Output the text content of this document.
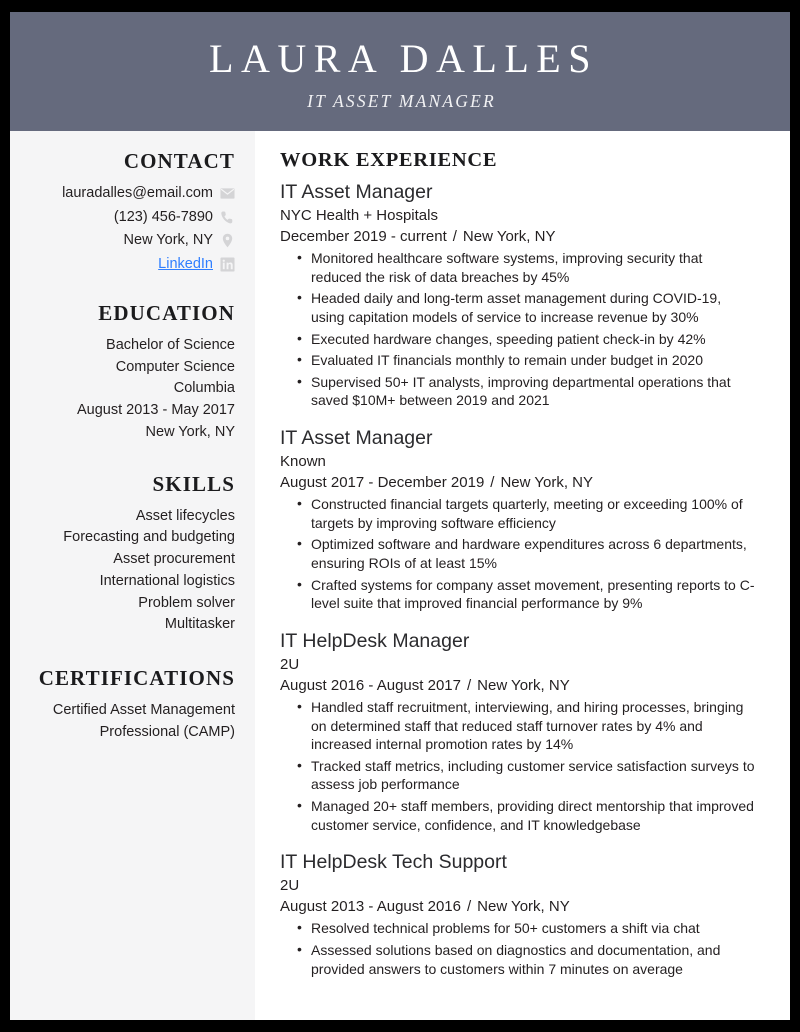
LAURA DALLES
IT ASSET MANAGER
CONTACT
lauradalles@email.com
(123) 456-7890
New York, NY
LinkedIn
EDUCATION
Bachelor of Science
Computer Science
Columbia
August 2013 - May 2017
New York, NY
SKILLS
Asset lifecycles
Forecasting and budgeting
Asset procurement
International logistics
Problem solver
Multitasker
CERTIFICATIONS
Certified Asset Management
Professional (CAMP)
WORK EXPERIENCE
IT Asset Manager
NYC Health + Hospitals
December 2019 - current / New York, NY
• Monitored healthcare software systems, improving security that reduced the risk of data breaches by 45%
• Headed daily and long-term asset management during COVID-19, using capitation models of service to increase revenue by 30%
• Executed hardware changes, speeding patient check-in by 42%
• Evaluated IT financials monthly to remain under budget in 2020
• Supervised 50+ IT analysts, improving departmental operations that saved $10M+ between 2019 and 2021
IT Asset Manager
Known
August 2017 - December 2019 / New York, NY
• Constructed financial targets quarterly, meeting or exceeding 100% of targets by improving software efficiency
• Optimized software and hardware expenditures across 6 departments, ensuring ROIs of at least 15%
• Crafted systems for company asset movement, presenting reports to C-level suite that improved financial performance by 9%
IT HelpDesk Manager
2U
August 2016 - August 2017 / New York, NY
• Handled staff recruitment, interviewing, and hiring processes, bringing on determined staff that reduced staff turnover rates by 4% and increased internal promotion rates by 14%
• Tracked staff metrics, including customer service satisfaction surveys to assess job performance
• Managed 20+ staff members, providing direct mentorship that improved customer service, confidence, and IT knowledgebase
IT HelpDesk Tech Support
2U
August 2013 - August 2016 / New York, NY
• Resolved technical problems for 50+ customers a shift via chat
• Assessed solutions based on diagnostics and documentation, and provided answers to customers within 7 minutes on average
